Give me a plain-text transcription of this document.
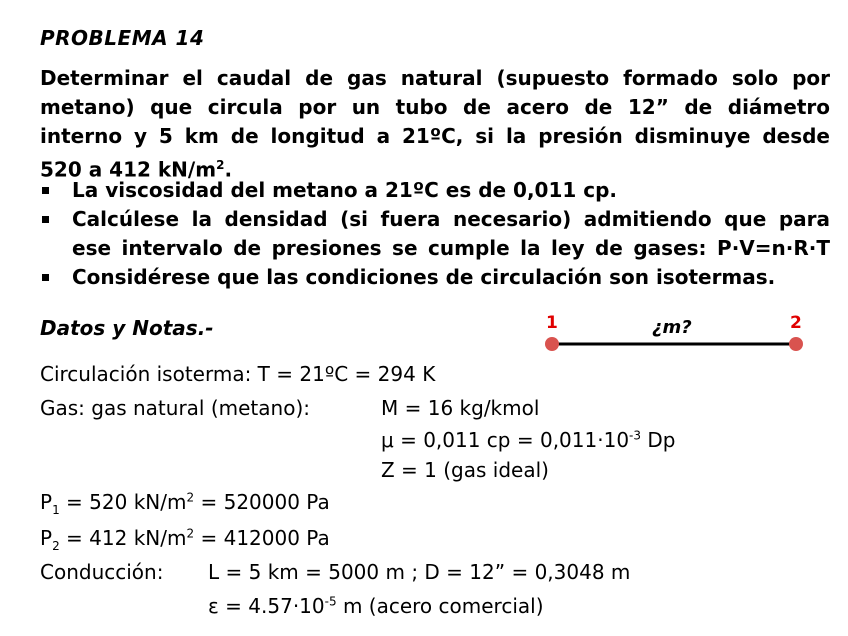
PROBLEMA 14
Determinar el caudal de gas natural (supuesto formado solo por
metano) que circula por un tubo de acero de 12” de diámetro
interno y 5 km de longitud a 21ºC, si la presión disminuye desde
520 a 412 $kN/m^2$.
La viscosidad del metano a 21ºC es de 0,011 cp.
Calcúlese la densidad (si fuera necesario) admitiendo que para ese intervalo de presiones se cumple la ley de gases: P·V=n·R·T
Considérese que las condiciones de circulación son isotermas.
Datos y Notas.-	1	2
¿m?
Circulación isoterma: T = 21ºC = 294 K
Gas: gas natural (metano):	M = 16 kg/kmol
μ = 0,011 cp = $0,011\cdot 10^{-3}$ Dp
Z = 1 (gas ideal)
$P_1 = 520$ $kN/m^2 = 520000$ Pa
$P_2 = 412$ $kN/m^2 = 412000$ Pa
Conducción: L = 5 km = 5000 m ; D = 12” = 0,3048 m
$\varepsilon = 4.57\cdot 10^{-5}$ m (acero comercial)
